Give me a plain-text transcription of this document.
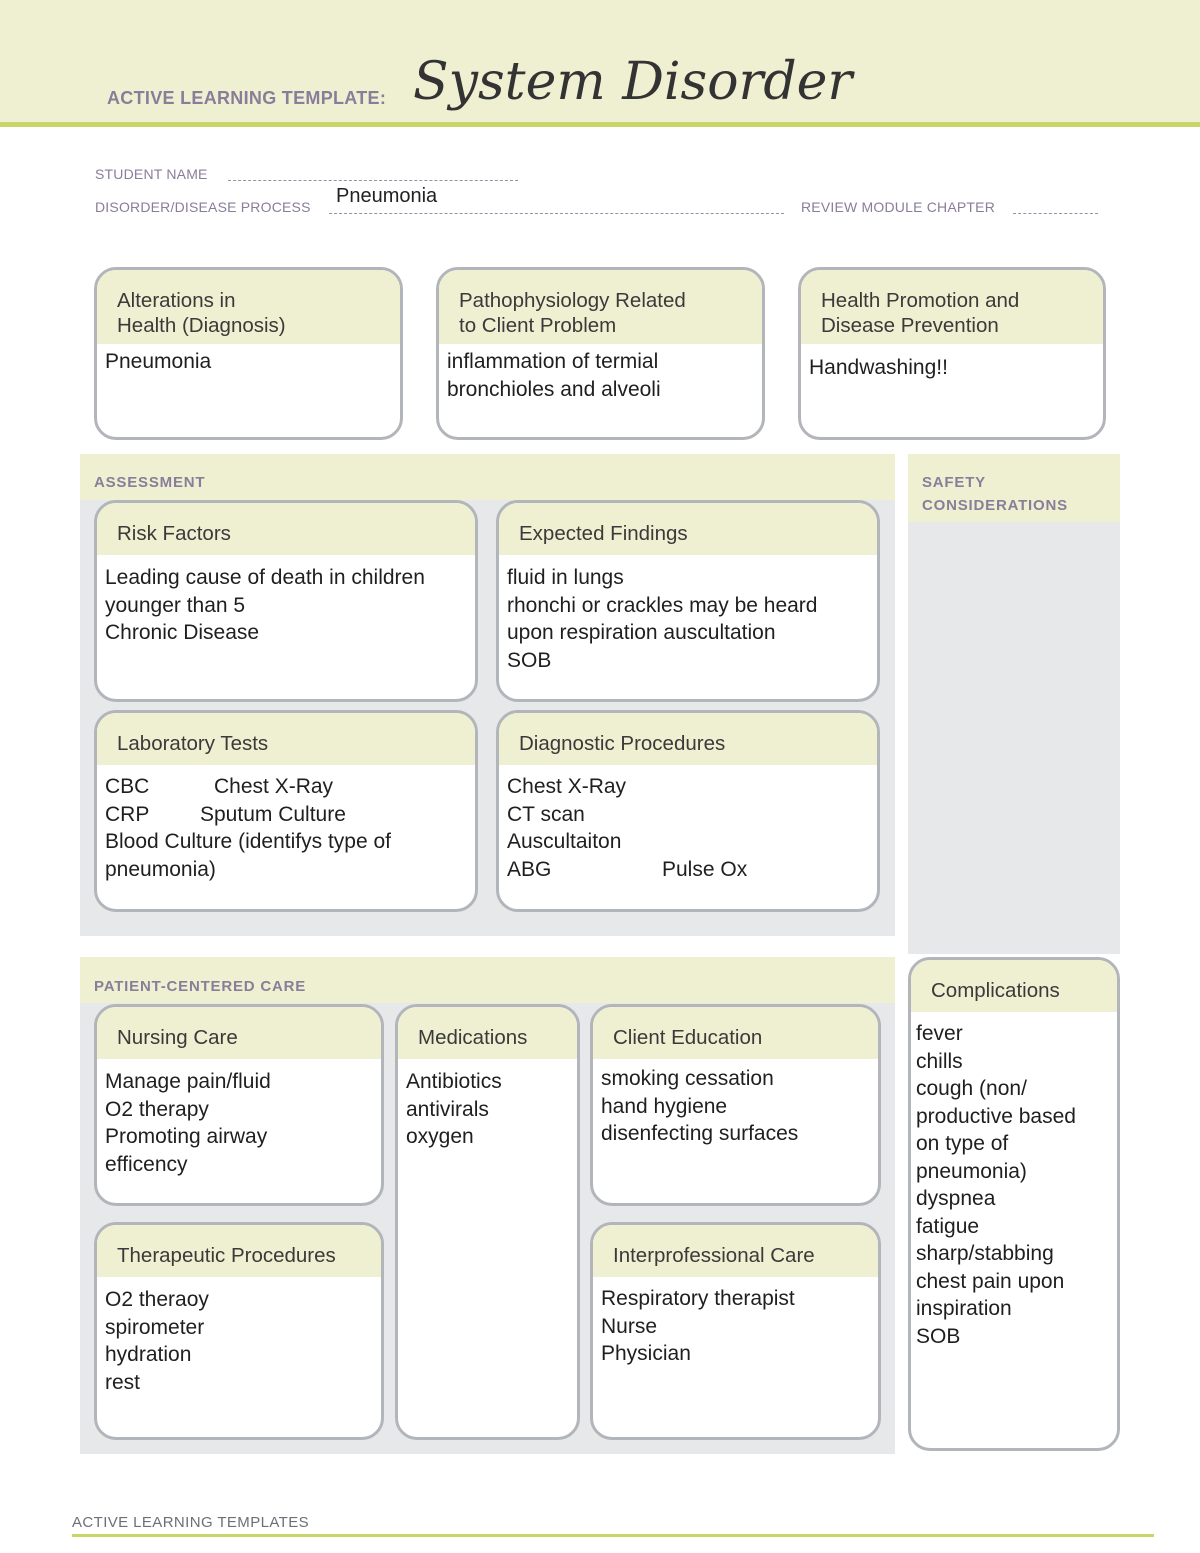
ACTIVE LEARNING TEMPLATE: System Disorder
STUDENT NAME
DISORDER/DISEASE PROCESS Pneumonia	REVIEW MODULE CHAPTER
Alterations in
Health (Diagnosis)
Pneumonia
Pathophysiology Related
to Client Problem
inflammation of termial
bronchioles and alveoli
Health Promotion and
Disease Prevention
Handwashing!!
ASSESSMENT
Risk Factors
Leading cause of death in children
younger than 5
Chronic Disease
Expected Findings
fluid in lungs
rhonchi or crackles may be heard
upon respiration auscultation
SOB
Laboratory Tests
CBC	Chest X-Ray
CRP Sputum Culture
Blood Culture (identifys type of
pneumonia)
Diagnostic Procedures
Chest X-Ray
CT scan
Auscultaiton
ABG	Pulse Ox
SAFETY
CONSIDERATIONS
PATIENT-CENTERED CARE
Nursing Care
Manage pain/fluid
O2 therapy
Promoting airway
efficency
Medications
Antibiotics
antivirals
oxygen
Client Education
smoking cessation
hand hygiene
disenfecting surfaces
Therapeutic Procedures
O2 theraoy
spirometer
hydration
rest
Interprofessional Care
Respiratory therapist
Nurse
Physician
Complications
fever
chills
cough (non/
productive based
on type of
pneumonia)
dyspnea
fatigue
sharp/stabbing
chest pain upon
inspiration
SOB
ACTIVE LEARNING TEMPLATES
